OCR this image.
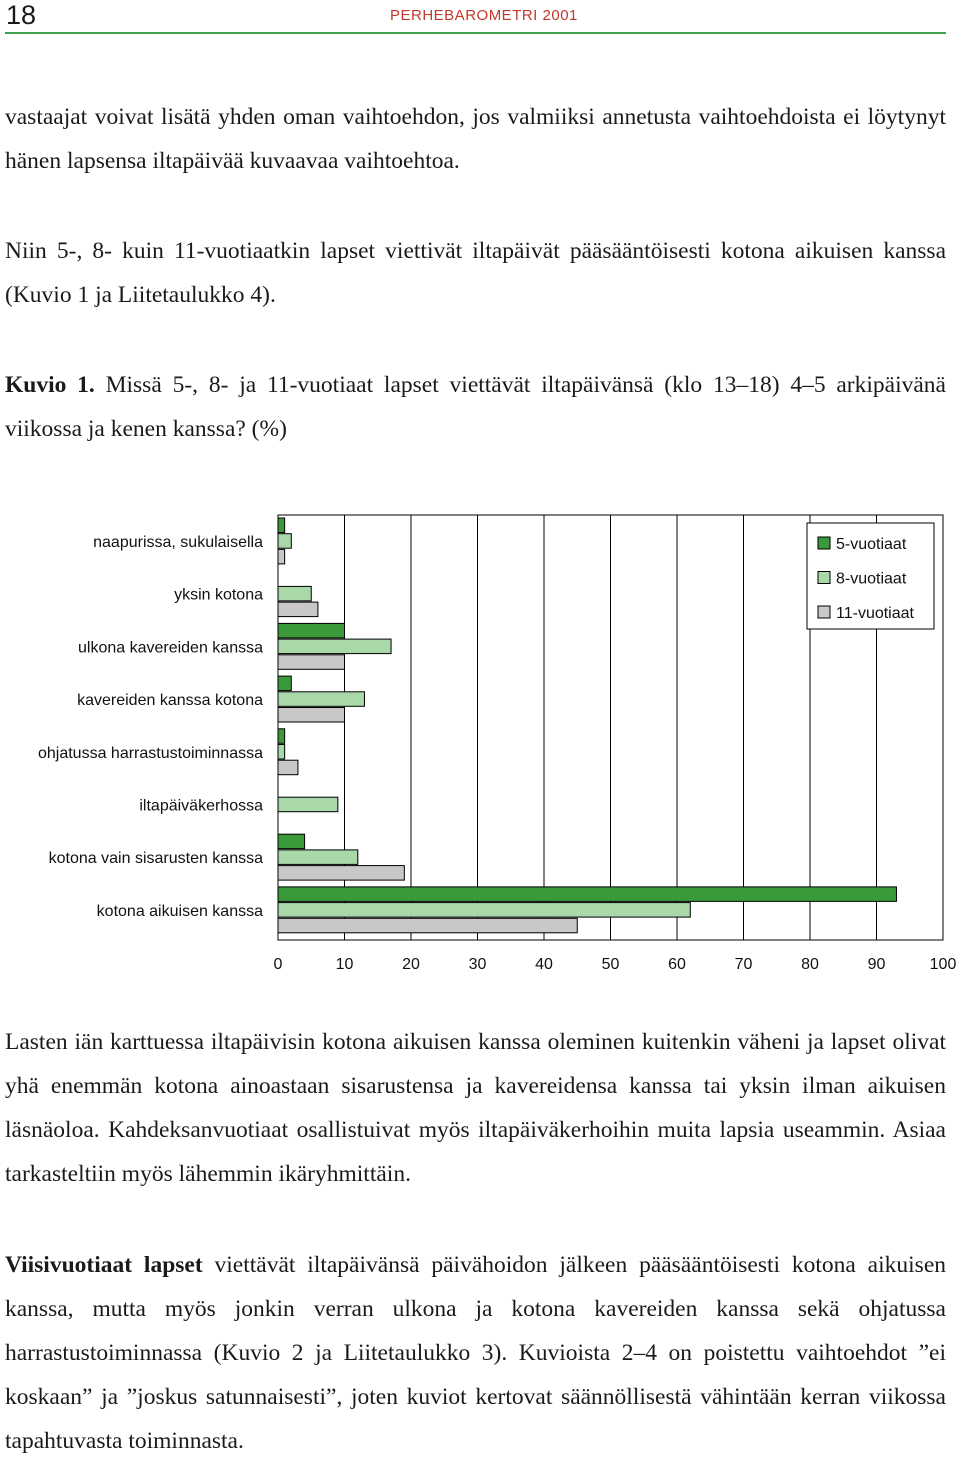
18	PERHEBAROMETRI 2001

vastaajat voivat lisätä yhden oman vaihtoehdon, jos valmiiksi annetusta vaihtoehdoista ei löytynyt hänen lapsensa iltapäivää kuvaavaa vaihtoehtoa.

Niin 5-, 8- kuin 11-vuotiaatkin lapset viettivät iltapäivät pääsääntöisesti kotona aikuisen kanssa (Kuvio 1 ja Liitetaulukko 4).

Kuvio 1. Missä 5-, 8- ja 11-vuotiaat lapset viettävät iltapäivänsä (klo 13–18) 4–5 arkipäivänä viikossa ja kenen kanssa? (%)

naapurissa, sukulaisella
yksin kotona
ulkona kavereiden kanssa
kavereiden kanssa kotona
ohjatussa harrastustoiminnassa
iltapäiväkerhossa
kotona vain sisarusten kanssa
kotona aikuisen kanssa
0	10	20	30	40	50	60	70	80	90	100
5-vuotiaat
8-vuotiaat
11-vuotiaat

Lasten iän karttuessa iltapäivisin kotona aikuisen kanssa oleminen kuitenkin väheni ja lapset olivat yhä enemmän kotona ainoastaan sisarustensa ja kavereidensa kanssa tai yksin ilman aikuisen läsnäoloa. Kahdeksanvuotiaat osallistuivat myös iltapäiväkerhoihin muita lapsia useammin. Asiaa tarkasteltiin myös lähemmin ikäryhmittäin.

Viisivuotiaat lapset viettävät iltapäivänsä päivähoidon jälkeen pääsääntöisesti kotona aikuisen kanssa, mutta myös jonkin verran ulkona ja kotona kavereiden kanssa sekä ohjatussa harrastustoiminnassa (Kuvio 2 ja Liitetaulukko 3). Kuvioista 2–4 on poistettu vaihtoehdot ”ei koskaan” ja ”joskus satunnaisesti”, joten kuviot kertovat säännöllisestä vähintään kerran viikossa tapahtuvasta toiminnasta.
